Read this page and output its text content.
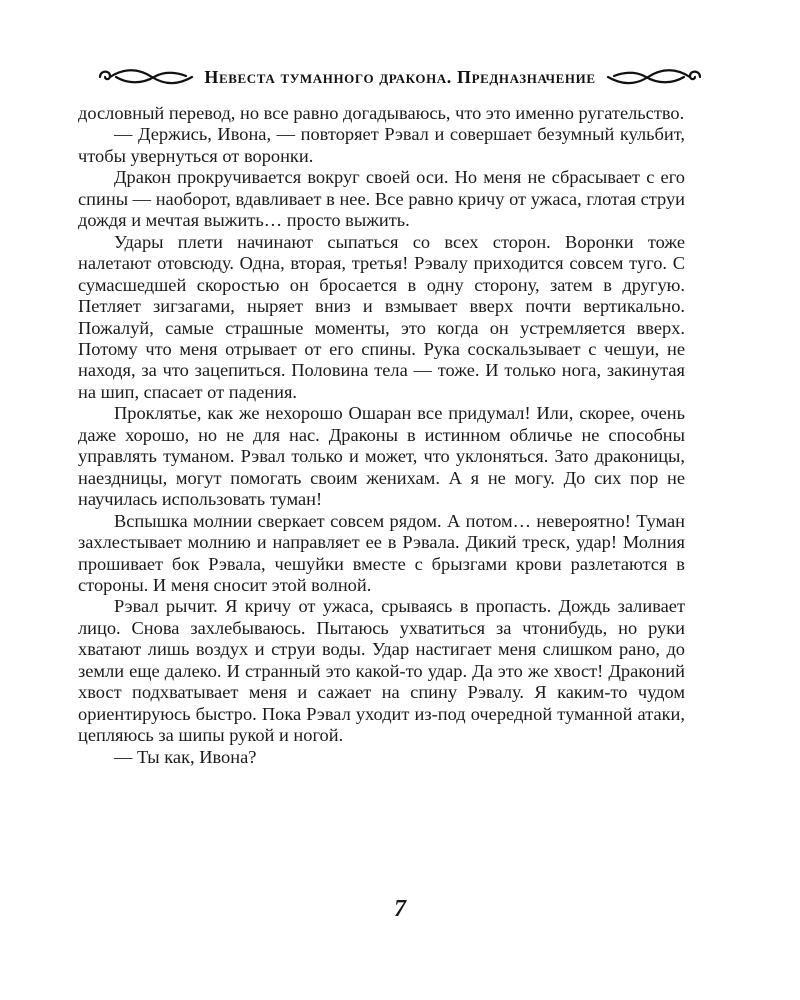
Невеста туманного дракона. Предназначение

дословный перевод, но все равно догадываюсь, что это именно ругательство.

— Держись, Ивона, — повторяет Рэвал и совершает безумный кульбит, чтобы увернуться от воронки.

Дракон прокручивается вокруг своей оси. Но меня не сбрасывает с его спины — наоборот, вдавливает в нее. Все равно кричу от ужаса, глотая струи дождя и мечтая выжить… просто выжить.

Удары плети начинают сыпаться со всех сторон. Воронки тоже налетают отовсюду. Одна, вторая, третья! Рэвалу приходится совсем туго. С сумасшедшей скоростью он бросается в одну сторону, затем в другую. Петляет зигзагами, ныряет вниз и взмывает вверх почти вертикально. Пожалуй, самые страшные моменты, это когда он устремляется вверх. Потому что меня отрывает от его спины. Рука соскальзывает с чешуи, не находя, за что зацепиться. Половина тела — тоже. И только нога, закинутая на шип, спасает от падения.

Проклятье, как же нехорошо Ошаран все придумал! Или, скорее, очень даже хорошо, но не для нас. Драконы в истинном обличье не способны управлять туманом. Рэвал только и может, что уклоняться. Зато драконицы, наездницы, могут помогать своим женихам. А я не могу. До сих пор не научилась использовать туман!

Вспышка молнии сверкает совсем рядом. А потом… невероятно! Туман захлестывает молнию и направляет ее в Рэвала. Дикий треск, удар! Молния прошивает бок Рэвала, чешуйки вместе с брызгами крови разлетаются в стороны. И меня сносит этой волной.

Рэвал рычит. Я кричу от ужаса, срываясь в пропасть. Дождь заливает лицо. Снова захлебываюсь. Пытаюсь ухватиться за чтонибудь, но руки хватают лишь воздух и струи воды. Удар настигает меня слишком рано, до земли еще далеко. И странный это какой-то удар. Да это же хвост! Драконий хвост подхватывает меня и сажает на спину Рэвалу. Я каким-то чудом ориентируюсь быстро. Пока Рэвал уходит из-под очередной туманной атаки, цепляюсь за шипы рукой и ногой.

— Ты как, Ивона?

7
